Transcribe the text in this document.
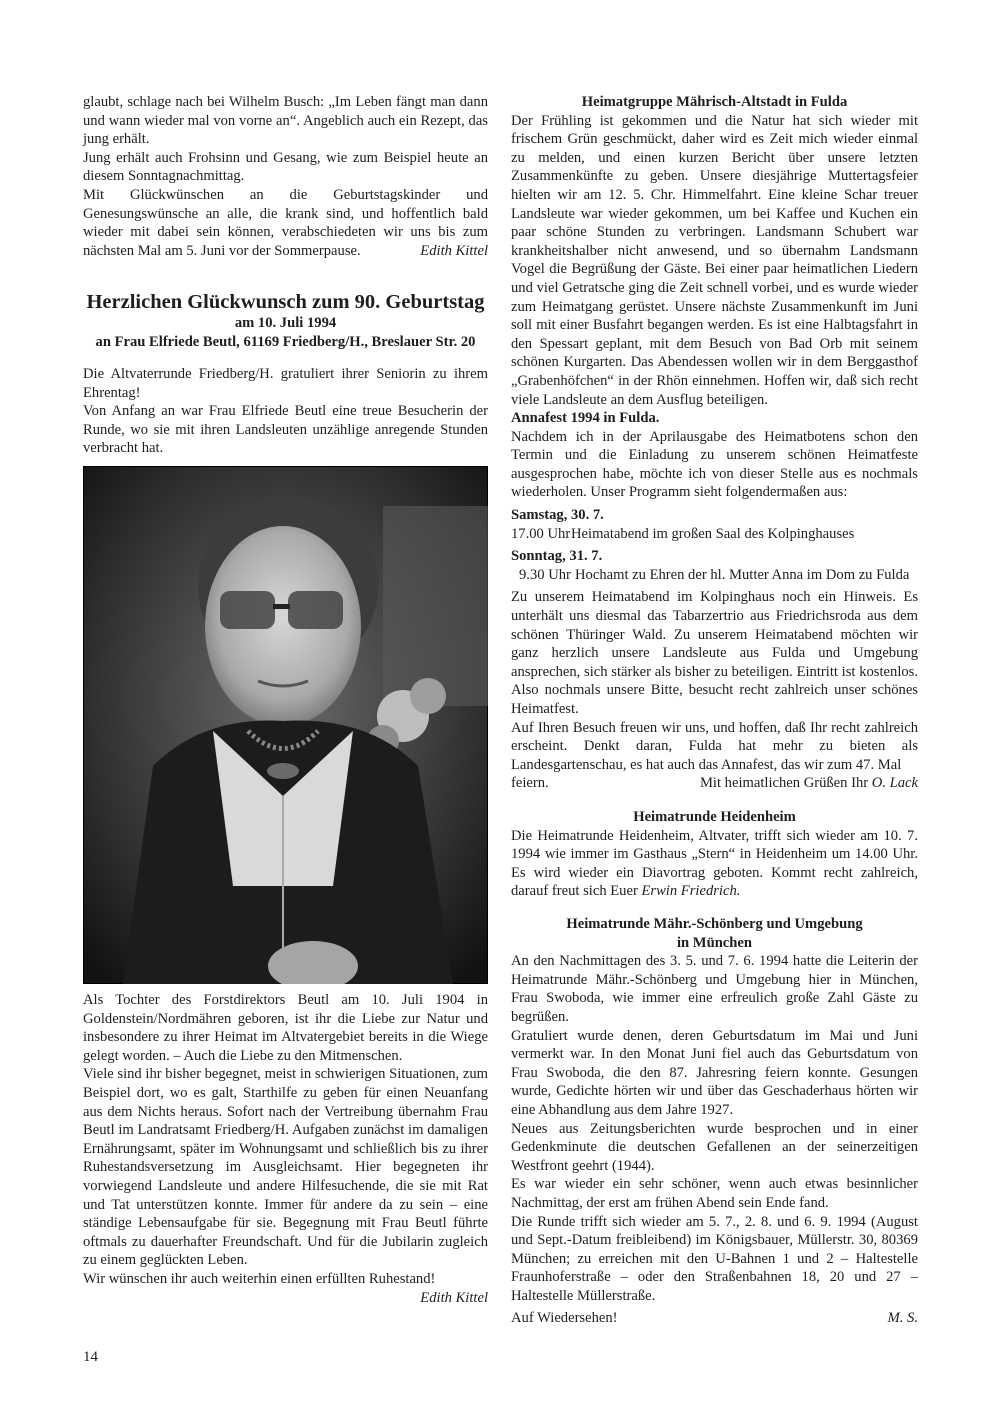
glaubt, schlage nach bei Wilhelm Busch: „Im Leben fängt man dann und wann wieder mal von vorne an“. Angeblich auch ein Rezept, das jung erhält.

Jung erhält auch Frohsinn und Gesang, wie zum Beispiel heute an diesem Sonntagnachmittag.

Mit Glückwünschen an die Geburtstagskinder und Genesungswünsche an alle, die krank sind, und hoffentlich bald wieder mit dabei sein können, verabschiedeten wir uns bis zum nächsten Mal am 5. Juni vor der Sommerpause.	Edith Kittel

Herzlichen Glückwunsch zum 90. Geburtstag
am 10. Juli 1994
an Frau Elfriede Beutl, 61169 Friedberg/H., Breslauer Str. 20

Die Altvaterrunde Friedberg/H. gratuliert ihrer Seniorin zu ihrem Ehrentag!

Von Anfang an war Frau Elfriede Beutl eine treue Besucherin der Runde, wo sie mit ihren Landsleuten unzählige anregende Stunden verbracht hat.

Als Tochter des Forstdirektors Beutl am 10. Juli 1904 in Goldenstein/Nordmähren geboren, ist ihr die Liebe zur Natur und insbesondere zu ihrer Heimat im Altvatergebiet bereits in die Wiege gelegt worden. – Auch die Liebe zu den Mitmenschen.

Viele sind ihr bisher begegnet, meist in schwierigen Situationen, zum Beispiel dort, wo es galt, Starthilfe zu geben für einen Neuanfang aus dem Nichts heraus. Sofort nach der Vertreibung übernahm Frau Beutl im Landratsamt Friedberg/H. Aufgaben zunächst im damaligen Ernährungsamt, später im Wohnungsamt und schließlich bis zu ihrer Ruhestandsversetzung im Ausgleichsamt. Hier begegneten ihr vorwiegend Landsleute und andere Hilfesuchende, die sie mit Rat und Tat unterstützen konnte. Immer für andere da zu sein – eine ständige Lebensaufgabe für sie. Begegnung mit Frau Beutl führte oftmals zu dauerhafter Freundschaft. Und für die Jubilarin zugleich zu einem geglückten Leben.

Wir wünschen ihr auch weiterhin einen erfüllten Ruhestand!

Edith Kittel

Heimatgruppe Mährisch-Altstadt in Fulda

Der Frühling ist gekommen und die Natur hat sich wieder mit frischem Grün geschmückt, daher wird es Zeit mich wieder einmal zu melden, und einen kurzen Bericht über unsere letzten Zusammenkünfte zu geben. Unsere diesjährige Muttertagsfeier hielten wir am 12. 5. Chr. Himmelfahrt. Eine kleine Schar treuer Landsleute war wieder gekommen, um bei Kaffee und Kuchen ein paar schöne Stunden zu verbringen. Landsmann Schubert war krankheitshalber nicht anwesend, und so übernahm Landsmann Vogel die Begrüßung der Gäste. Bei einer paar heimatlichen Liedern und viel Getratsche ging die Zeit schnell vorbei, und es wurde wieder zum Heimatgang gerüstet. Unsere nächste Zusammenkunft im Juni soll mit einer Busfahrt begangen werden. Es ist eine Halbtagsfahrt in den Spessart geplant, mit dem Besuch von Bad Orb mit seinem schönen Kurgarten. Das Abendessen wollen wir in dem Berggasthof „Grabenhöfchen“ in der Rhön einnehmen. Hoffen wir, daß sich recht viele Landsleute an dem Ausflug beteiligen.

Annafest 1994 in Fulda.

Nachdem ich in der Aprilausgabe des Heimatbotens schon den Termin und die Einladung zu unserem schönen Heimatfeste ausgesprochen habe, möchte ich von dieser Stelle aus es nochmals wiederholen. Unser Programm sieht folgendermaßen aus:

Samstag, 30. 7.

17.00 Uhr Heimatabend im großen Saal des Kolpinghauses

Sonntag, 31. 7.

9.30 Uhr Hochamt zu Ehren der hl. Mutter Anna im Dom zu Fulda

Zu unserem Heimatabend im Kolpinghaus noch ein Hinweis. Es unterhält uns diesmal das Tabarzertrio aus Friedrichsroda aus dem schönen Thüringer Wald. Zu unserem Heimatabend möchten wir ganz herzlich unsere Landsleute aus Fulda und Umgebung ansprechen, sich stärker als bisher zu beteiligen. Eintritt ist kostenlos. Also nochmals unsere Bitte, besucht recht zahlreich unser schönes Heimatfest.

Auf Ihren Besuch freuen wir uns, und hoffen, daß Ihr recht zahlreich erscheint. Denkt daran, Fulda hat mehr zu bieten als Landesgartenschau, es hat auch das Annafest, das wir zum 47. Mal

feiern.	Mit heimatlichen Grüßen Ihr O. Lack

Heimatrunde Heidenheim

Die Heimatrunde Heidenheim, Altvater, trifft sich wieder am 10. 7. 1994 wie immer im Gasthaus „Stern“ in Heidenheim um 14.00 Uhr. Es wird wieder ein Diavortrag geboten. Kommt recht zahlreich, darauf freut sich Euer Erwin Friedrich.

Heimatrunde Mähr.-Schönberg und Umgebung

in München

An den Nachmittagen des 3. 5. und 7. 6. 1994 hatte die Leiterin der Heimatrunde Mähr.-Schönberg und Umgebung hier in München, Frau Swoboda, wie immer eine erfreulich große Zahl Gäste zu begrüßen.

Gratuliert wurde denen, deren Geburtsdatum im Mai und Juni vermerkt war. In den Monat Juni fiel auch das Geburtsdatum von Frau Swoboda, die den 87. Jahresring feiern konnte. Gesungen wurde, Gedichte hörten wir und über das Geschaderhaus hörten wir eine Abhandlung aus dem Jahre 1927.

Neues aus Zeitungsberichten wurde besprochen und in einer Gedenkminute die deutschen Gefallenen an der seinerzeitigen Westfront geehrt (1944).

Es war wieder ein sehr schöner, wenn auch etwas besinnlicher Nachmittag, der erst am frühen Abend sein Ende fand.

Die Runde trifft sich wieder am 5. 7., 2. 8. und 6. 9. 1994 (August und Sept.-Datum freibleibend) im Königsbauer, Müllerstr. 30, 80369 München; zu erreichen mit den U-Bahnen 1 und 2 – Haltestelle Fraunhoferstraße – oder den Straßenbahnen 18, 20 und 27 – Haltestelle Müllerstraße.

Auf Wiedersehen!	M. S.
14
